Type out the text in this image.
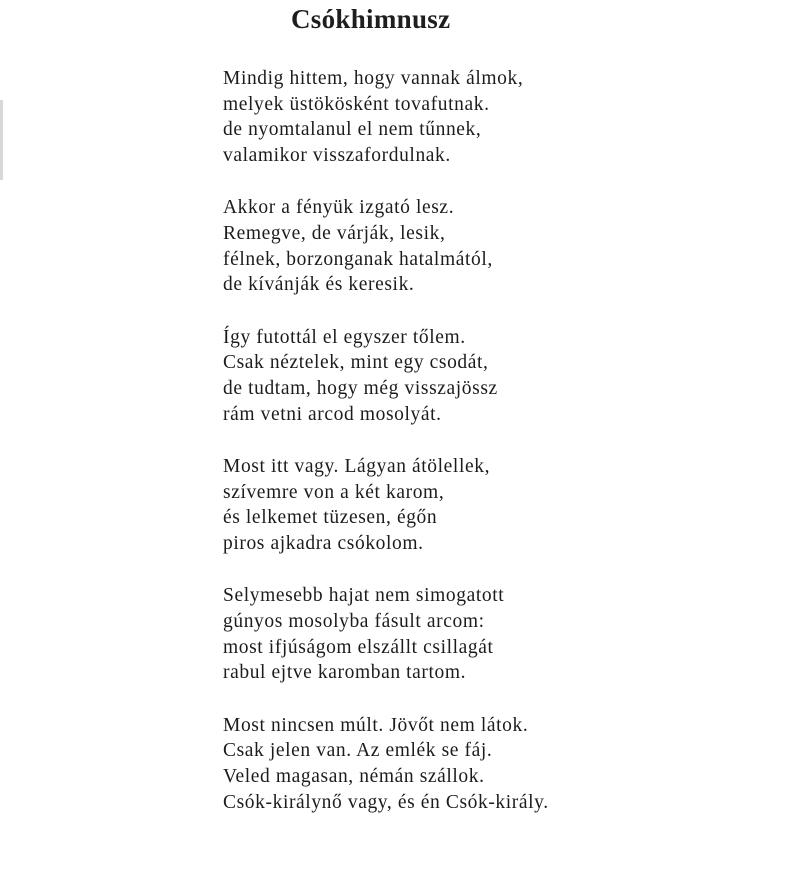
Csókhimnusz
Mindig hittem, hogy vannak álmok,
melyek üstökösként tovafutnak.
de nyomtalanul el nem tűnnek,
valamikor visszafordulnak.
Akkor a fényük izgató lesz.
Remegve, de várják, lesik,
félnek, borzonganak hatalmától,
de kívánják és keresik.
Így futottál el egyszer tőlem.
Csak néztelek, mint egy csodát,
de tudtam, hogy még visszajössz
rám vetni arcod mosolyát.
Most itt vagy. Lágyan átölellek,
szívemre von a két karom,
és lelkemet tüzesen, égőn
piros ajkadra csókolom.
Selymesebb hajat nem simogatott
gúnyos mosolyba fásult arcom:
most ifjúságom elszállt csillagát
rabul ejtve karomban tartom.
Most nincsen múlt. Jövőt nem látok.
Csak jelen van. Az emlék se fáj.
Veled magasan, némán szállok.
Csók-királynő vagy, és én Csók-király.
